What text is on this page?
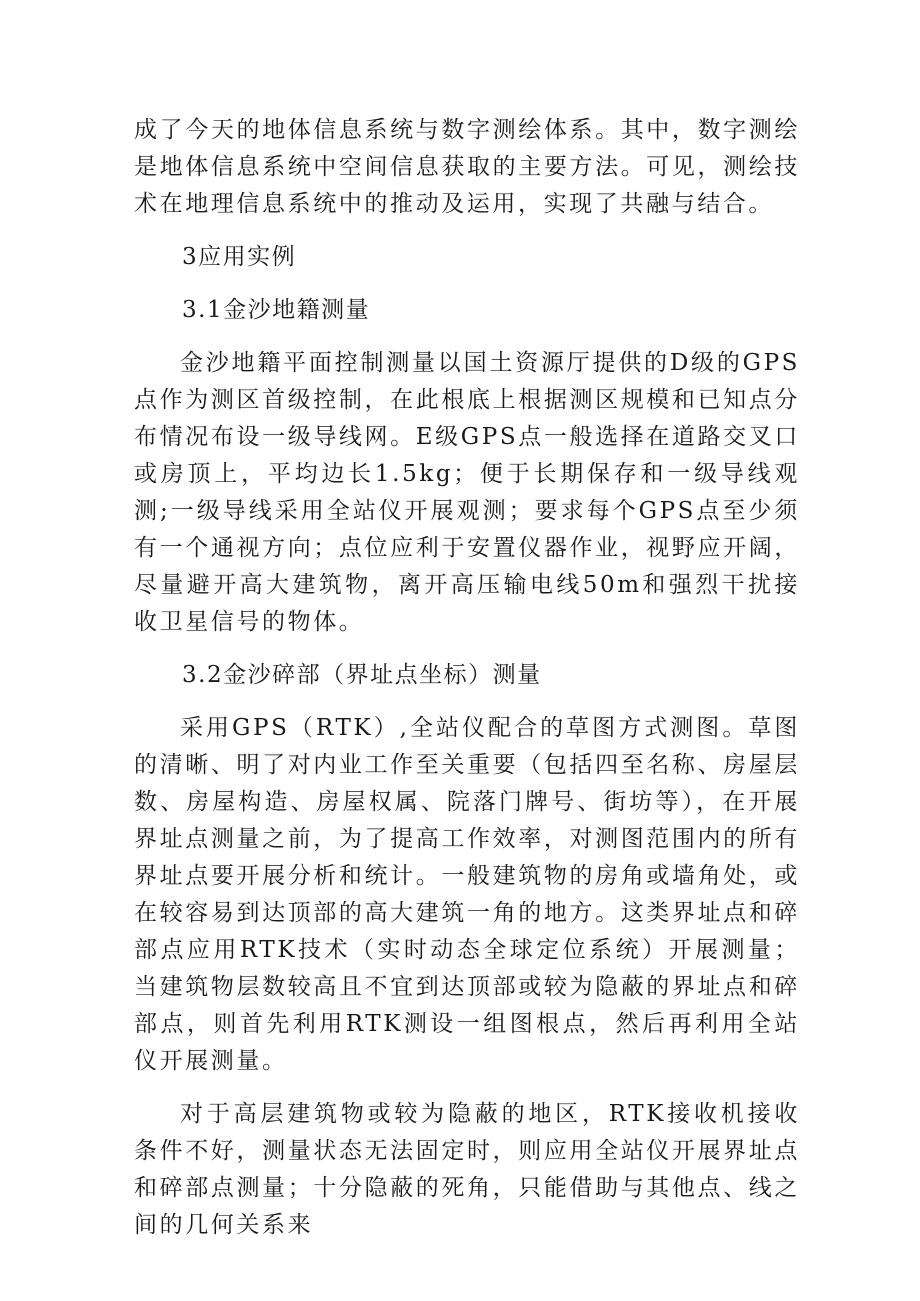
成了今天的地体信息系统与数字测绘体系。其中，数字测绘是地体信息系统中空间信息获取的主要方法。可见，测绘技术在地理信息系统中的推动及运用，实现了共融与结合。

3应用实例

3.1金沙地籍测量

金沙地籍平面控制测量以国土资源厅提供的D级的GPS点作为测区首级控制，在此根底上根据测区规模和已知点分布情况布设一级导线网。E级GPS点一般选择在道路交叉口或房顶上，平均边长1.5kg；便于长期保存和一级导线观测;一级导线采用全站仪开展观测；要求每个GPS点至少须有一个通视方向；点位应利于安置仪器作业，视野应开阔，尽量避开高大建筑物，离开高压输电线50m和强烈干扰接收卫星信号的物体。

3.2金沙碎部（界址点坐标）测量

采用GPS（RTK）,全站仪配合的草图方式测图。草图的清晰、明了对内业工作至关重要（包括四至名称、房屋层数、房屋构造、房屋权属、院落门牌号、街坊等），在开展界址点测量之前，为了提高工作效率，对测图范围内的所有界址点要开展分析和统计。一般建筑物的房角或墙角处，或在较容易到达顶部的高大建筑一角的地方。这类界址点和碎部点应用RTK技术（实时动态全球定位系统）开展测量；当建筑物层数较高且不宜到达顶部或较为隐蔽的界址点和碎部点，则首先利用RTK测设一组图根点，然后再利用全站仪开展测量。

对于高层建筑物或较为隐蔽的地区，RTK接收机接收条件不好，测量状态无法固定时，则应用全站仪开展界址点和碎部点测量；十分隐蔽的死角，只能借助与其他点、线之间的几何关系来
